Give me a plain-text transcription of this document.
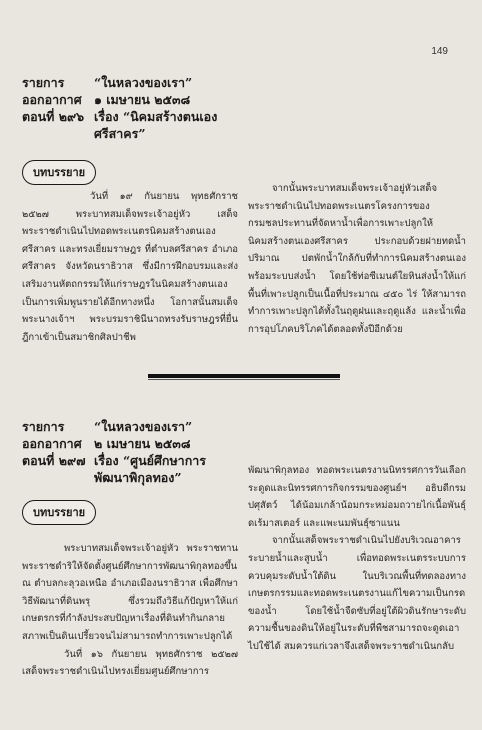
149
รายการ	“ในหลวงของเรา”
ออกอากาศ ๑ เมษายน ๒๕๓๘
ตอนที่ ๒๙๖ เรื่อง “นิคมสร้างตนเอง
ศรีสาคร”
บทบรรยาย

วันที่ ๑๙ กันยายน พุทธศักราช ๒๕๒๗ พระบาทสมเด็จพระเจ้าอยู่หัว เสด็จพระราชดำเนินไปทอดพระเนตรนิคมสร้างตนเองศรีสาคร และทรงเยี่ยมราษฎร ที่ตำบลศรีสาคร อำเภอศรีสาคร จังหวัดนราธิวาส ซึ่งมีการฝึกอบรมและส่งเสริมงานหัตถกรรมให้แก่ราษฎรในนิคมสร้างตนเองเป็นการเพิ่มพูนรายได้อีกทางหนึ่ง โอกาสนั้นสมเด็จพระนางเจ้าฯ พระบรมราชินีนาถทรงรับราษฎรที่ยื่นฎีกาเข้าเป็นสมาชิกศิลปาชีพ

จากนั้นพระบาทสมเด็จพระเจ้าอยู่หัวเสด็จพระราชดำเนินไปทอดพระเนตรโครงการของกรมชลประทานที่จัดหาน้ำเพื่อการเพาะปลูกให้นิคมสร้างตนเองศรีสาคร ประกอบด้วยฝายทดน้ำปริมาณ ปตพักน้ำใกล้กับที่ทำการนิคมสร้างตนเอง พร้อมระบบส่งน้ำ โดยใช้ท่อซีเมนต์ใยหินส่งน้ำให้แก่พื้นที่เพาะปลูกเป็นเนื้อที่ประมาณ ๔๕๐ ไร่ ให้สามารถทำการเพาะปลูกได้ทั้งในฤดูฝนและฤดูแล้ง และน้ำเพื่อการอุปโภคบริโภคได้ตลอดทั้งปีอีกด้วย

รายการ	“ในหลวงของเรา”
ออกอากาศ ๒ เมษายน ๒๕๓๘
ตอนที่ ๒๙๗ เรื่อง “ศูนย์ศึกษาการ
พัฒนาพิกุลทอง”
บทบรรยาย

พระบาทสมเด็จพระเจ้าอยู่หัว พระราชทานพระราชดำริให้จัดตั้งศูนย์ศึกษาการพัฒนาพิกุลทองขึ้น ณ ตำบลกะลุวอเหนือ อำเภอเมืองนราธิวาส เพื่อศึกษาวิธีพัฒนาที่ดินพรุ ซึ่งรวมถึงวิธีแก้ปัญหาให้แก่เกษตรกรที่กำลังประสบปัญหาเรื่องที่ดินทำกินกลายสภาพเป็นดินเปรี้ยวจนไม่สามารถทำการเพาะปลูกได้

วันที่ ๑๖ กันยายน พุทธศักราช ๒๕๒๗ เสด็จพระราชดำเนินไปทรงเยี่ยมศูนย์ศึกษาการ

พัฒนาพิกุลทอง ทอดพระเนตรงานนิทรรศการวันเลือกระดูดและนิทรรศการกิจกรรมของศูนย์ฯ อธิบดีกรมปศุสัตว์ ได้น้อมเกล้าน้อมกระหม่อมถวายไก่เนื้อพันธุ์ดเร้มาสเตอร์ และแพะนมพันธุ์ซาแนน

จากนั้นเสด็จพระราชดำเนินไปยังบริเวณอาคารระบายน้ำและสูบน้ำ เพื่อทอดพระเนตรระบบการควบคุมระดับน้ำใต้ดิน ในบริเวณพื้นที่ทดลองทางเกษตรกรรมและทอดพระเนตรงานแก้ไขความเป็นกรดของน้ำ โดยใช้น้ำจืดซับที่อยู่ใต้ผิวดินรักษาระดับความชื้นของดินให้อยู่ในระดับที่พืชสามารถจะดูดเอาไปใช้ได้ สมควรแก่เวลาจึงเสด็จพระราชดำเนินกลับ
